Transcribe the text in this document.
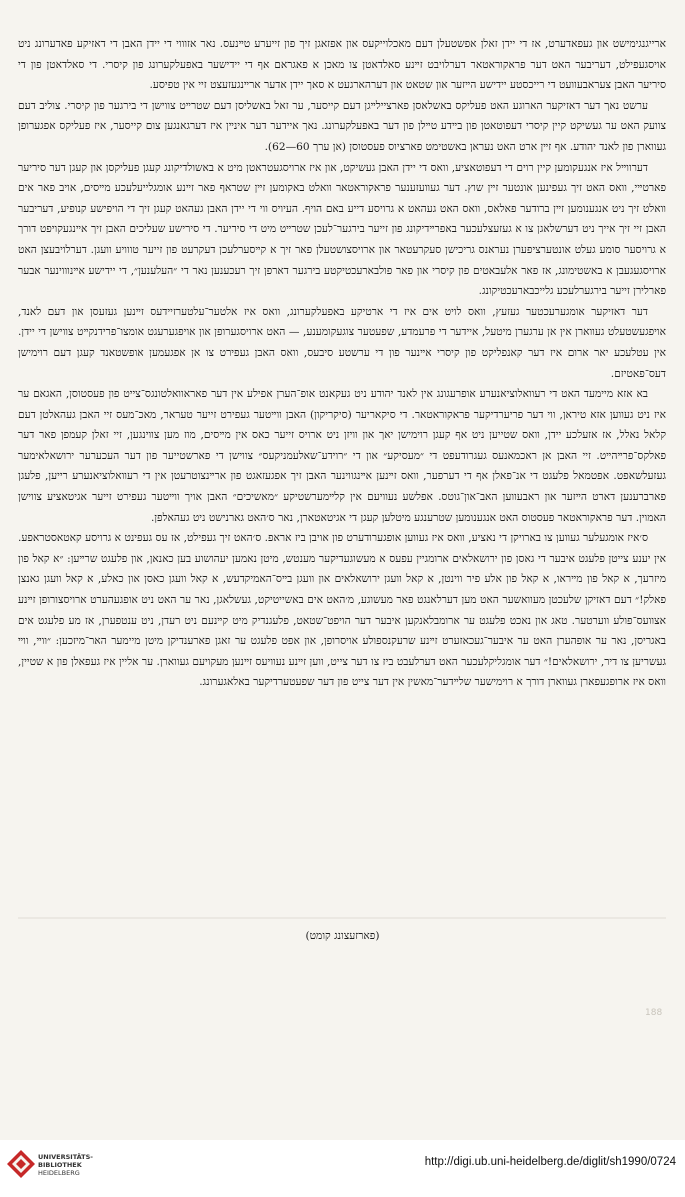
ארייגנגימישט און געפאדערט, אז די יידן זאלן אפשטעלן דעם מאכלוייקעס און אפזאגן זיך פון זייערע טײנעס. נאר אזוווי די יידן האבן די דאזיקע פאדערונג ניט אויסגעפילט, דעריבער האט דער פראקוראטאר דערלויבט זײנע סאלדאטן צו מאכן א פאגראם אף די יידישער באפעלקערונג פון קיסרי. די סאלדאטן פון די סיריער האבן צעראבעוועט די רייכסטע יידישע הײזער און שטאט און דערהארגעט א סאך יידן אדער ארײנגעזעצט זיי אין טפיסע.

ערשט נאך דער דאזיקער הארוגע האט פעליקס באשלאסן פארציילײגן דעם קייסער, ער זאל באשליסן דעם שטרײט צווישן די בירגער פון קיסרי. צוליב דעם צוועק האט ער געשיקט קיין קיסרי דעפוטאטן פון בײדע טײלן פון דער באפעלקערונג. נאך איידער דער אינײן איז דערגאנגען צום קייסער, איז פעליקס אפגערופן געווארן פון לאנד יהודע. אף זײן ארט האט נעראן באשטימט פארציוס פעסטוסן (אן ערך 60—62).

דערווײל איז אנגעקומען קיין רוים די דעפוטאציע, וואס די יידן האבן געשיקט, און איז ארויסגעטראטן מיט א באשולדיקונג קעגן פעליקסן און קעגן דער סיריער פארטײי, וואס האט זיך געפינען אונטער זײן שוץ. דער געוועזענער פראקוראטאר וואלט באקומען זײן שטראף פאר זײנע אומגלייעלעכע מײסים, אויב פאר אים וואלט זיך ניט אנגענומען זײן ברודער פאלאס, וואס האט געהאט א גרויסע דייע באם הויף. העיויס ווי די יידן האבן געהאט קעגן זיך די הויפישע קנופיע, דעריבער האבן זיי זיך אייך ניט דערשלאגן צו א געזעצלעכער באפרײדיקונג פון זייער בירגער־לעכן שטרײט מיט די סיריער. די סירישע שעליכים האבן זיך אײנגעקויפט דורך א גרויסער סומע געלט אונטערציפערן נעראנס גריכישן סעקרעטאר און ארויסצושטעלן פאר זיך א קײסערלעכן דעקרעט פון זייער טווויע וועגן. דערלויבעצן האט ארויסגעגעבן א באשטימונג, אז פאר אלעבאטים פון קיסרי און פאר פולבארעכטיקטע בירגער דארפן זיך רעכענען נאר די ״העלענען״, די יידישע אײנוווינער אבער פארלירן זייער בירגערלעכע גלייכבארעכטיקונג.

דער דאזיקער אומגערעכטער געזעץ, וואס לויט אים איז די ארטיקע באפעלקערונג, וואס איז אלטער־עלטערזיידעס זײנען געזעסן און דעם לאנד, אויפגעשטעלט געווארן אין אן ערגערן מיטעל, איידער די פרעמדע, שפעטער צוגעקומענע, — האט ארויסגערופן און אויפגערעגט אומצו־פרידנקײט צווישן די יידן. אין עטלעכע יאר ארום איז דער קאנפליקט פון קיסרי אײנער פון די ערשטע סיבעס, וואס האבן געפירט צו אן אפגעמען אופשטאנד קעגן דעם רוימישן דעס־פאטיזם.

בא אזא מיימעד האט די רעוואלוציאנערע אופרעגונג אין לאנד יהודע ניט געקאנט אופ־הערן אפילע אין דער פאראוואלטונגס־צייט פון פעסטוסן, האגאם ער איז ניט געווען אזא טיראן, ווי דער פריערדיקער פראקוראטאר. די סיקאריער (סיקריקון) האבן ווײטער געפירט זייער טעראר, מאכ־מעס זיי האבן געהאלטן דעם קלאל נאלל, אז אזעלכע יידן, וואס שטייען ניט אף קעגן רוימישן יאך און וויזן ניט ארויס זייער כאס אין מײסים, מוז מען צווינגען, זיי זאלן קעמפן פאר דער פאלקס־פרײהײט. זיי האבן אן ראכמאנעס געגרודעפט די ״מעסיקע״ און די ״רוידע־שאלעמניקעס״ צווישן די פארשטייער פון דער העכערער ירושאלאימער געזעלשאפט. אפטמאל פלעגט די אנ־פאלן אף די דערפער, וואס זײנען אײנגווינער האבן זיך אפגעזאגט פון ארײנצוטרעטן אין די רעוואלוציאנערע רייען, פלעגן פארברענען דארט הײזער און ראבעווען האב־און־גוטס. אפלשע נעוויעם אין קלײמערשטיקע ״מאשיכים״ האבן אויך ווײטער געפירט זייער אגיטאציע צווישן האמוין. דער פראקוראטאר פעסטוס האט אנגענומען שטרענגע מיטלען קעגן די אגיטאטארן, נאר ס׳האט גארנישט ניט געהאלפן.

ס׳איז אומגעלער געווען צו בארויקן די נאציע, וואס איז געווען אופגערודערט פון אויבן ביז אראפ. ס׳האט זיך געפילט, אז עס געפינט א גרויסע קאטאסטראפע. אין יענע צייטן פלעגט איבער די גאסן פון ירושאלאים ארומגיין עפעס א מעשוגעדיקער מענטש, מיטן נאמען יעהושוע בען כאנאן, און פלעגט שרײען: ״א קאל פון מיזרעך, א קאל פון מײראו, א קאל פון אלע פיר ווינטן, א קאל וועגן ירושאלאים און וועגן בײס־האמיקדעש, א קאל וועגן כאסן און כאלע, א קאל וועגן גאנצן פאלק!״ דעם דאזיקן שלעכטן מעוואשער האט מען דערלאנגט פאר מעשוגע, מ׳האט אים באשייטיקט, געשלאגן, נאר ער האט ניט אופגעהערט ארויסצורופן זײנע אצוועס־פולע ווערטער. טאג און נאכט פלעגט ער ארומבלאנקען איבער דער הויפט־שטאט, פלעגנדיק מיט קײנעם ניט רעדן, ניט ענטפערן, אז מע פלעגט אים באגריסן, נאר ער אופהערן האט ער איבער־געכאזערט זײנע שרעקנספולע אויסרופן, און אפט פלעגט ער זאגן פארענדיקן מיטן מיימער האר־מיזכען: ״ווײ, ווײ געשריען צו דיר, ירושאלאים!״ דער אומגליקלעכער האט דערלעבט ביז צו דער צייט, ווען זײנע נעוויעס זײנען מעקויעם געווארן. ער אליין איז געפאלן פון א שטיין, וואס איז ארופגעפארן געווארן דורך א רוימישער שלײדער־מאשין אין דער צייט פון דער שפעטערדיקער באלאגערונג.

(פארזעצונג קומט)
188
UNIVERSITÄTS-
BIBLIOTHEK
HEIDELBERG
http://digi.ub.uni-heidelberg.de/diglit/sh1990/0724
